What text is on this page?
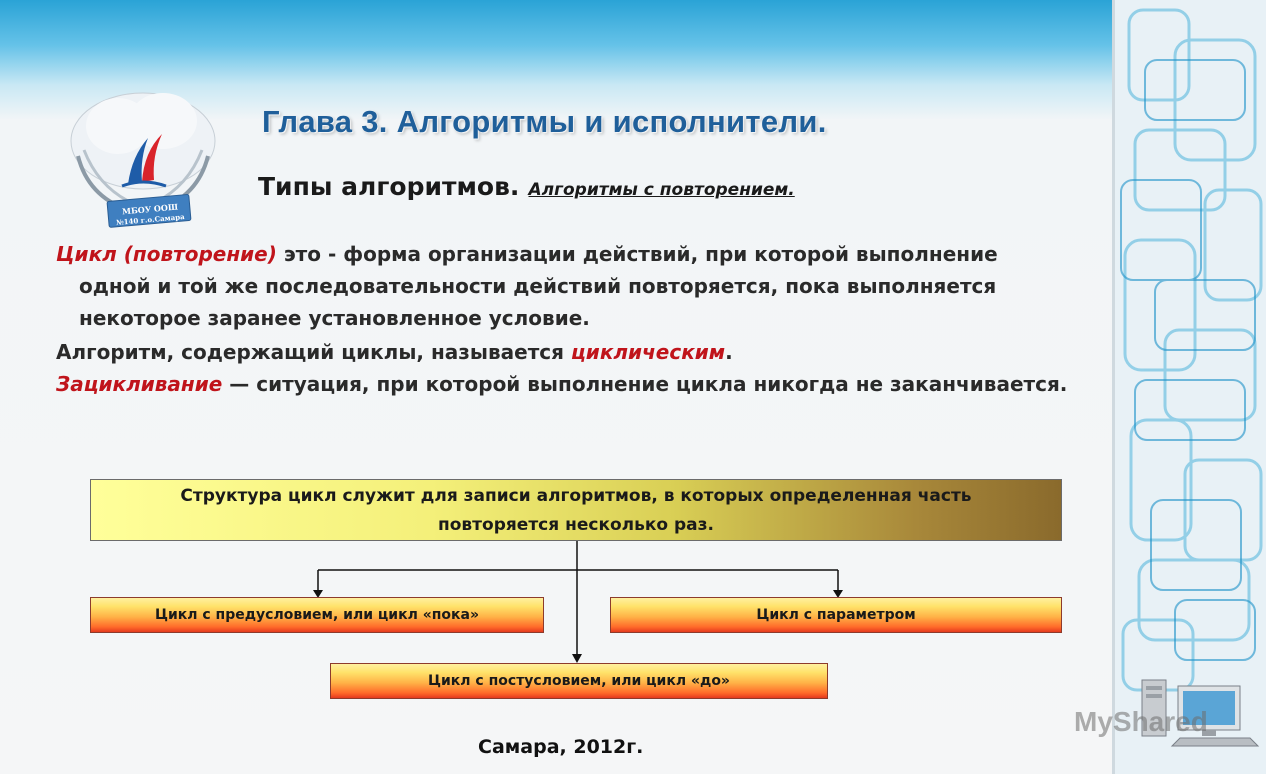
МБОУ ООШ
№140 г.о.Самара
Глава 3. Алгоритмы и исполнители.
Типы алгоритмов. Алгоритмы с повторением.
Цикл (повторение) это - форма организации действий, при которой выполнение
одной и той же последовательности действий повторяется, пока выполняется
некоторое заранее установленное условие.
Алгоритм, содержащий циклы, называется циклическим.
Зацикливание — ситуация, при которой выполнение цикла никогда не заканчивается.
Структура цикл служит для записи алгоритмов, в которых определенная часть
повторяется несколько раз.
Цикл с предусловием, или цикл «пока»	Цикл с параметром
Цикл с постусловием, или цикл «до»
Самара, 2012г.
MyShared
